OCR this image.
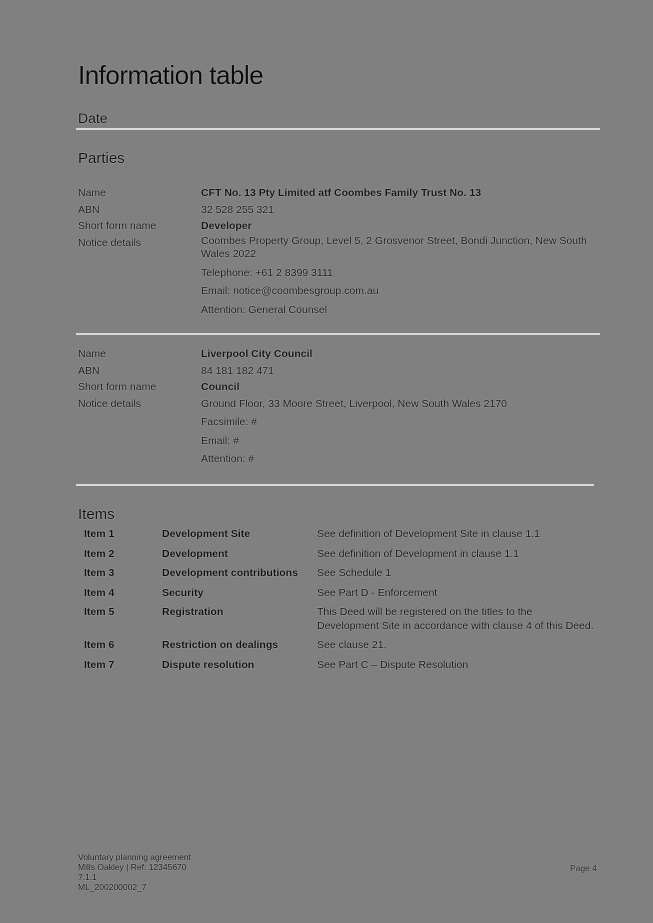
Information table
Date
Parties
Name	CFT No. 13 Pty Limited atf Coombes Family Trust No. 13
ABN	32 528 255 321
Short form name	Developer
Notice details	Coombes Property Group, Level 5, 2 Grosvenor Street, Bondi Junction, New South Wales 2022
Telephone: +61 2 8399 3111
Email: notice@coombesgroup.com.au
Attention: General Counsel
Name	Liverpool City Council
ABN	84 181 182 471
Short form name	Council
Notice details	Ground Floor, 33 Moore Street, Liverpool, New South Wales 2170
Facsimile: #
Email: #
Attention: #
Items
Item 1	Development Site	See definition of Development Site in clause 1.1
Item 2	Development	See definition of Development in clause 1.1
Item 3	Development contributions	See Schedule 1
Item 4	Security	See Part D - Enforcement
Item 5	Registration	This Deed will be registered on the titles to the Development Site in accordance with clause 4 of this Deed.
Item 6	Restriction on dealings	See clause 21.
Item 7	Dispute resolution	See Part C – Dispute Resolution
Voluntary planning agreement
Mills Oakley | Ref: 12345670
7.1.1
ML_200200002_7
Page 4
